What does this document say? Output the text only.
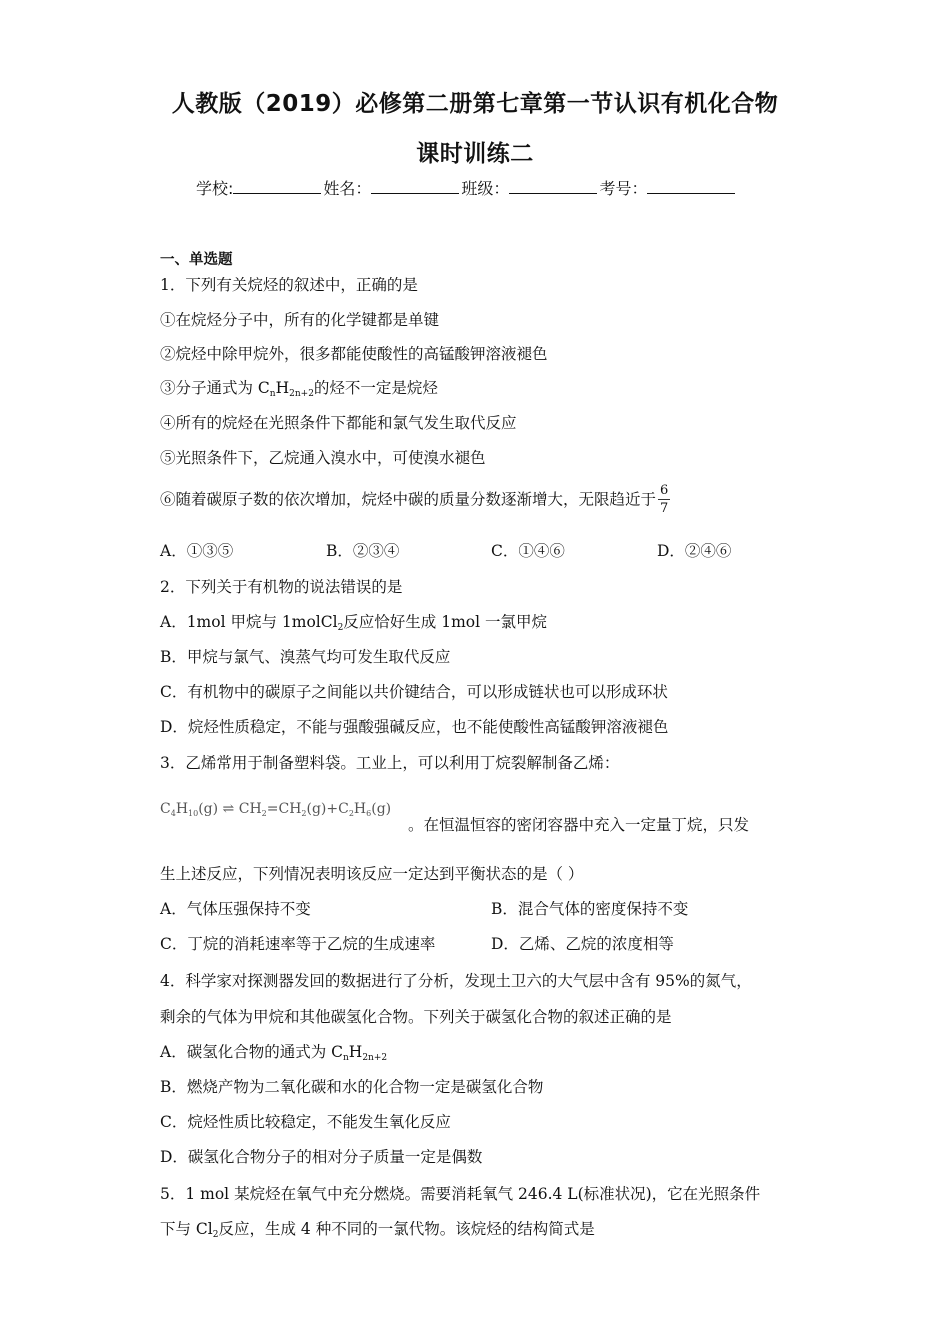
人教版（2019）必修第二册第七章第一节认识有机化合物
课时训练二
学校:	姓名：	班级：	考号：
一、单选题
1．下列有关烷烃的叙述中，正确的是
①在烷烃分子中，所有的化学键都是单键
②烷烃中除甲烷外，很多都能使酸性的高锰酸钾溶液褪色
③分子通式为 $C_nH_{2n+2}$的烃不一定是烷烃
④所有的烷烃在光照条件下都能和氯气发生取代反应
⑤光照条件下，乙烷通入溴水中，可使溴水褪色
⑥随着碳原子数的依次增加，烷烃中碳的质量分数逐渐增大，无限趋近于 $\frac{6}{7}$
A．①③⑤	B．②③④	C．①④⑥	D．②④⑥
2．下列关于有机物的说法错误的是
A．1mol 甲烷与 1molCl$_2$反应恰好生成 1mol 一氯甲烷
B．甲烷与氯气、溴蒸气均可发生取代反应
C．有机物中的碳原子之间能以共价键结合，可以形成链状也可以形成环状
D．烷烃性质稳定，不能与强酸强碱反应，也不能使酸性高锰酸钾溶液褪色
3．乙烯常用于制备塑料袋。工业上，可以利用丁烷裂解制备乙烯：
$C_4H_{10}(g)$ ⇌ $CH_2=CH_2(g)+C_2H_6(g)$
。在恒温恒容的密闭容器中充入一定量丁烷，只发
生上述反应，下列情况表明该反应一定达到平衡状态的是（ ）
A．气体压强保持不变	B．混合气体的密度保持不变
C．丁烷的消耗速率等于乙烷的生成速率	D．乙烯、乙烷的浓度相等
4．科学家对探测器发回的数据进行了分析，发现土卫六的大气层中含有 95%的氮气，
剩余的气体为甲烷和其他碳氢化合物。下列关于碳氢化合物的叙述正确的是
A．碳氢化合物的通式为 $C_nH_{2n+2}$
B．燃烧产物为二氧化碳和水的化合物一定是碳氢化合物
C．烷烃性质比较稳定，不能发生氧化反应
D．碳氢化合物分子的相对分子质量一定是偶数
5．1 mol 某烷烃在氧气中充分燃烧。需要消耗氧气 246.4 L(标准状况)，它在光照条件
下与 $Cl_2$反应，生成 4 种不同的一氯代物。该烷烃的结构简式是
